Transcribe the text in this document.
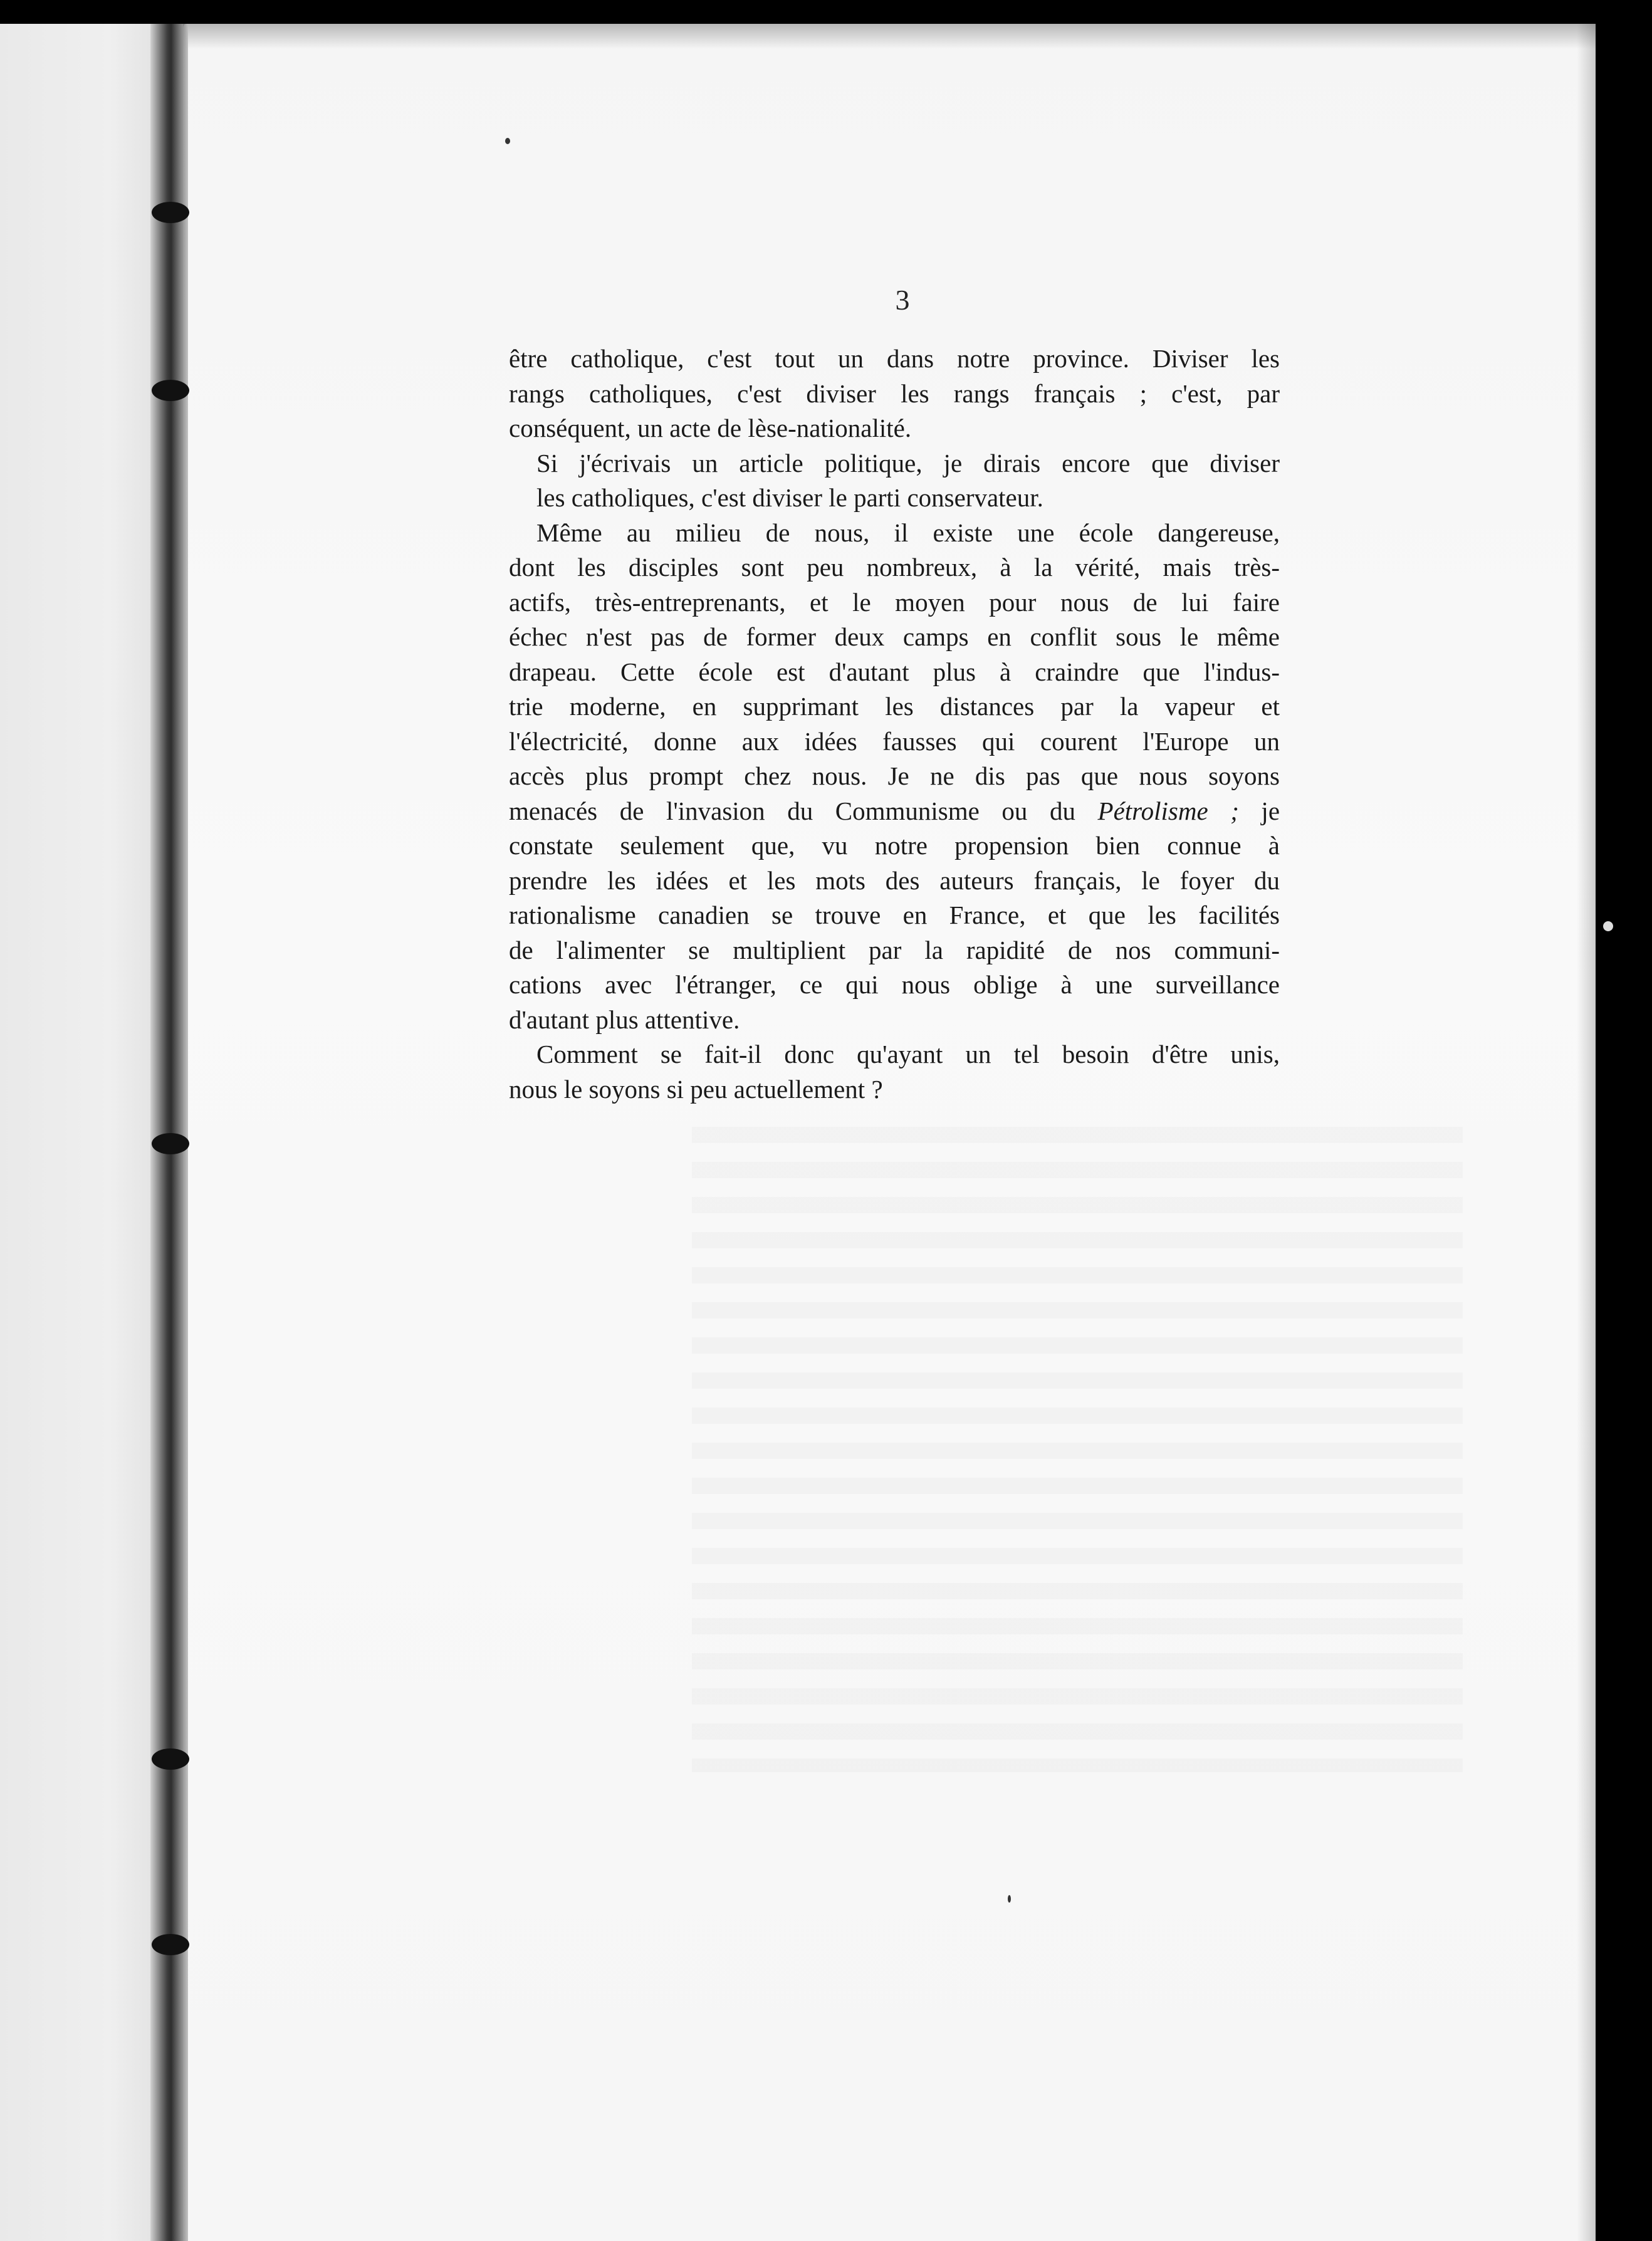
3
être catholique, c'est tout un dans notre province. Diviser les
rangs catholiques, c'est diviser les rangs français ; c'est, par
conséquent, un acte de lèse-nationalité.
Si j'écrivais un article politique, je dirais encore que diviser
les catholiques, c'est diviser le parti conservateur.
Même au milieu de nous, il existe une école dangereuse,
dont les disciples sont peu nombreux, à la vérité, mais très-
actifs, très-entreprenants, et le moyen pour nous de lui faire
échec n'est pas de former deux camps en conflit sous le même
drapeau. Cette école est d'autant plus à craindre que l'indus-
trie moderne, en supprimant les distances par la vapeur et
l'électricité, donne aux idées fausses qui courent l'Europe un
accès plus prompt chez nous. Je ne dis pas que nous soyons
menacés de l'invasion du Communisme ou du Pétrolisme ; je
constate seulement que, vu notre propension bien connue à
prendre les idées et les mots des auteurs français, le foyer du
rationalisme canadien se trouve en France, et que les facilités
de l'alimenter se multiplient par la rapidité de nos communi-
cations avec l'étranger, ce qui nous oblige à une surveillance
d'autant plus attentive.
Comment se fait-il donc qu'ayant un tel besoin d'être unis,
nous le soyons si peu actuellement ?
